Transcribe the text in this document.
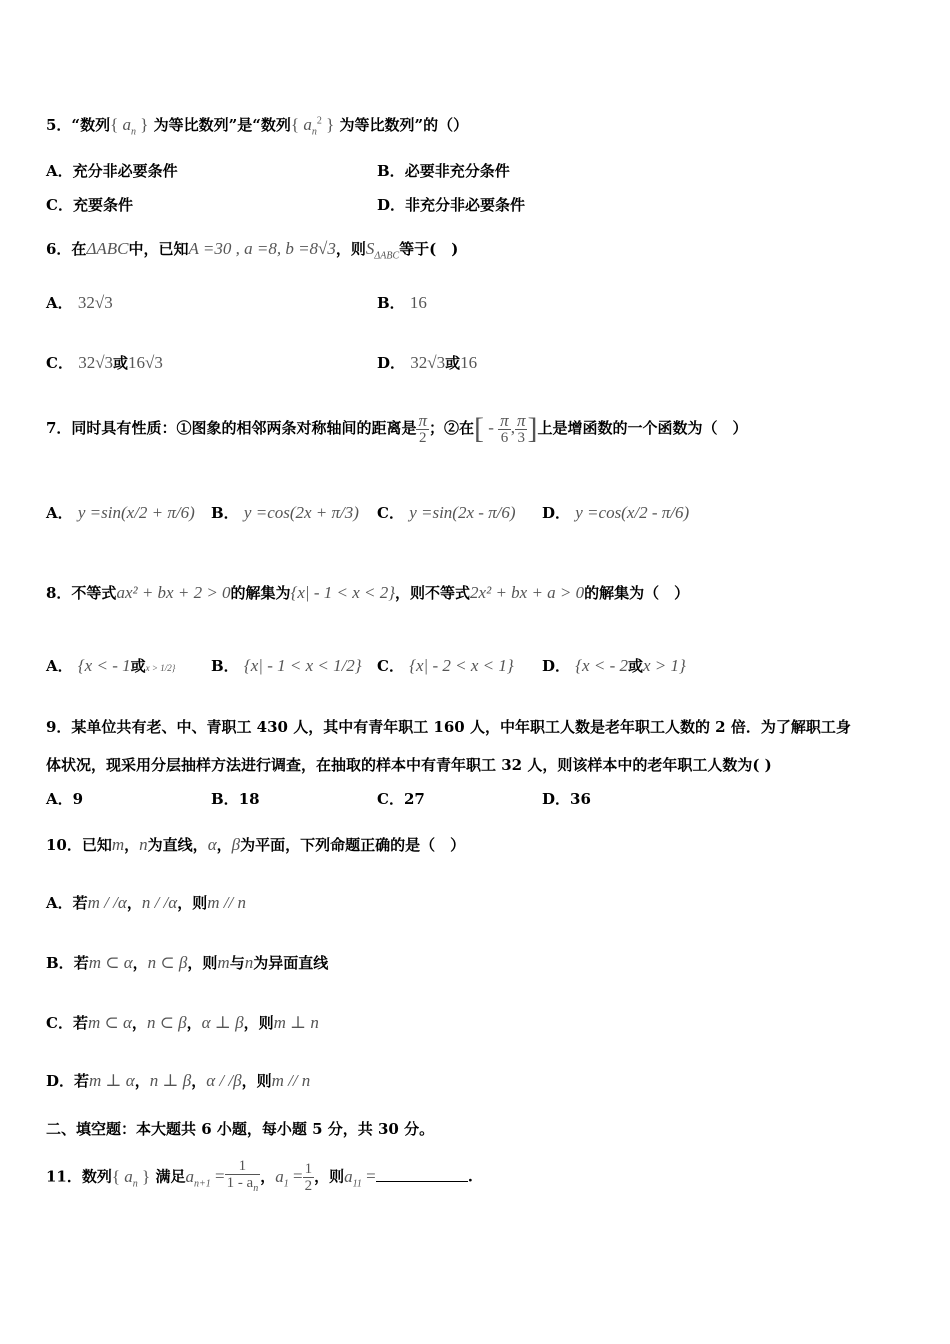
5．“数列{ $a_n$ } 为等比数列”是“数列{ $a_n^2$ } 为等比数列”的（）
A．充分非必要条件	B．必要非充分条件
C．充要条件	D．非充分非必要条件
6．在ΔABC中，已知A =30 , a =8, b =8√3，则$S_{\Delta ABC}$等于(　)
A． 32√3	B． 16
C． 32√3或16√3	D． 32√3或16
7．同时具有性质：①图象的相邻两条对称轴间的距离是 $\frac{\pi}{2}$ ；②在[ - $\frac{\pi}{6}$ , $\frac{\pi}{3}$ ]上是增函数的一个函数为（　）
A． y =sin(x/2 + π/6) B． y =cos(2x + π/3) C． y =sin(2x - π/6) D． y =cos(x/2 - π/6)
8．不等式ax² + bx + 2 > 0的解集为{x| - 1 < x < 2}，则不等式2x² + bx + a > 0的解集为（　）
A． {x < - 1或x > 1/2} B． {x| - 1 < x < 1/2} C． {x| - 2 < x < 1} D． {x < - 2或x > 1}
9．某单位共有老、中、青职工 430 人，其中有青年职工 160 人，中年职工人数是老年职工人数的 2 倍．为了解职工身
体状况，现采用分层抽样方法进行调查，在抽取的样本中有青年职工 32 人，则该样本中的老年职工人数为( )
A．9	B．18	C．27	D．36
10．已知m，n为直线，α，β为平面，下列命题正确的是（　）
A．若m / /α，n / /α，则m // n
B．若m ⊂ α，n ⊂ β，则m与n为异面直线
C．若m ⊂ α，n ⊂ β，α ⊥ β，则m ⊥ n
D．若m ⊥ α，n ⊥ β，α / /β，则m // n
二、填空题：本大题共 6 小题，每小题 5 分，共 30 分。
11．数列{ $a_n$ } 满足$a_{n+1} = \frac{1}{1 - a_n}$ ，$a_1 = \frac{1}{2}$ ，则$a_{11}$ =	.
